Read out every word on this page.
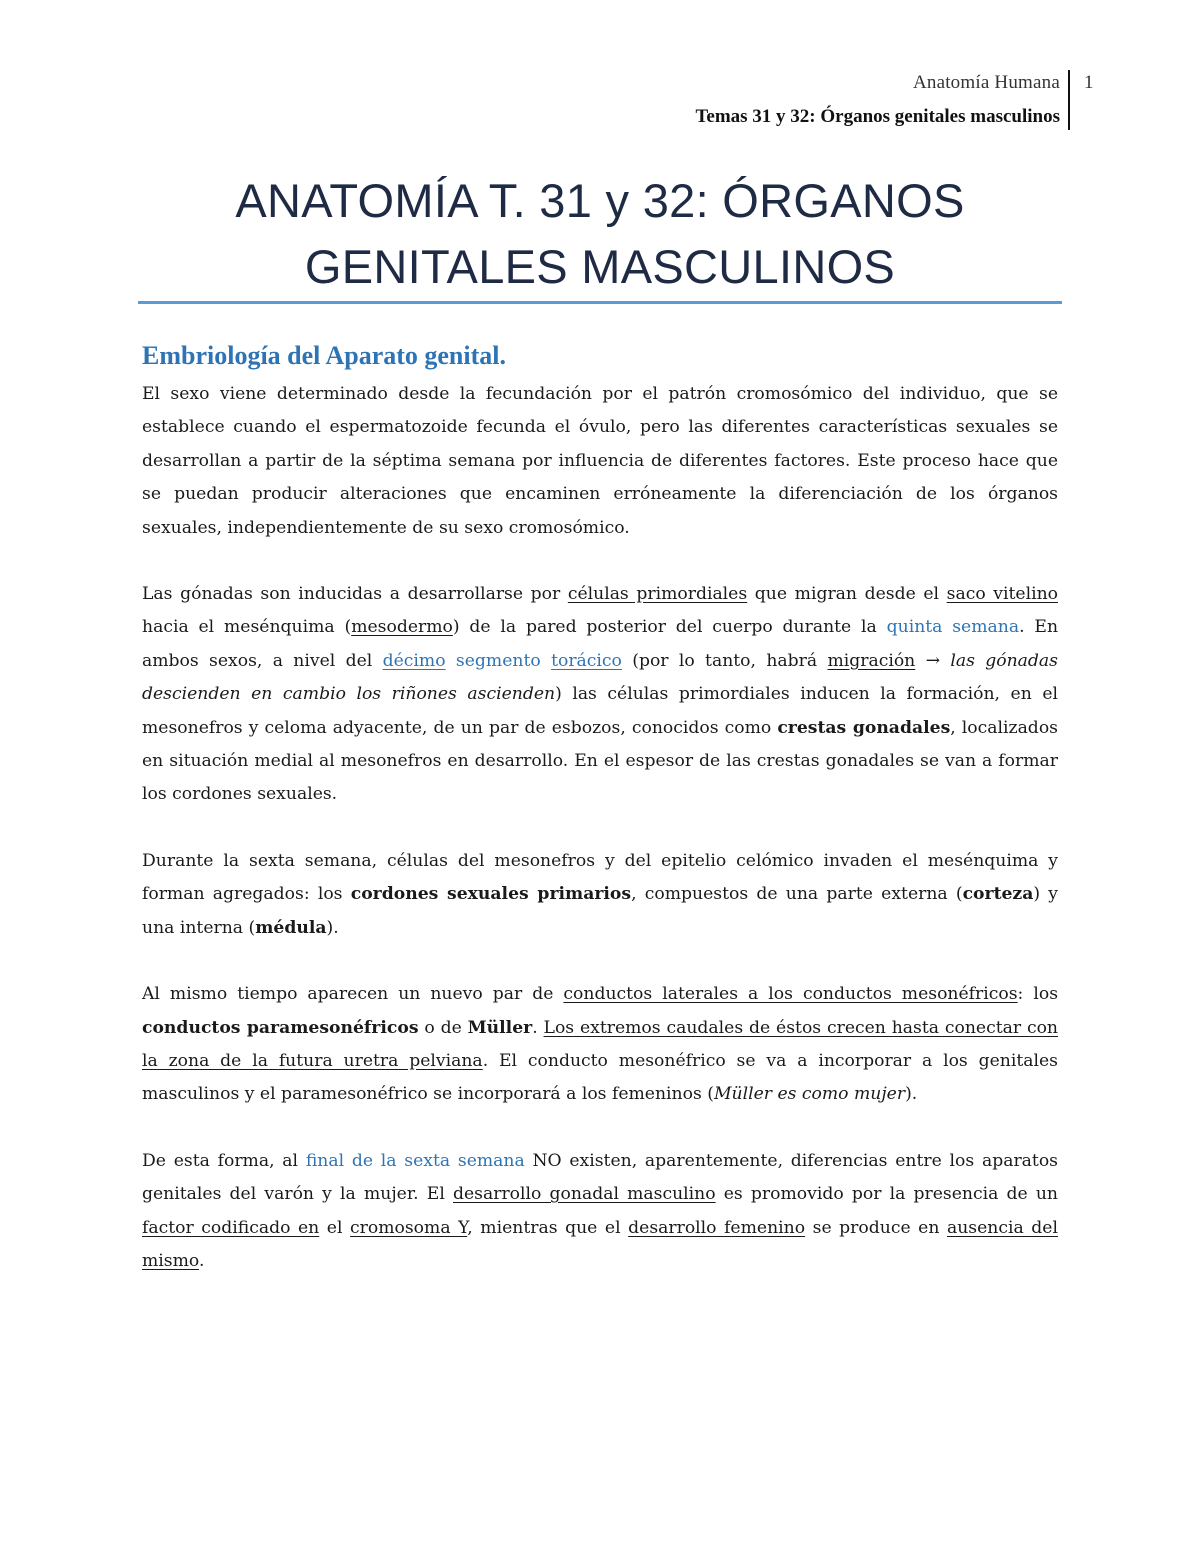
Anatomía Humana
Temas 31 y 32: Órganos genitales masculinos
1
ANATOMÍA T. 31 y 32: ÓRGANOS
GENITALES MASCULINOS
Embriología del Aparato genital.

El sexo viene determinado desde la fecundación por el patrón cromosómico del individuo, que se establece cuando el espermatozoide fecunda el óvulo, pero las diferentes características sexuales se desarrollan a partir de la séptima semana por influencia de diferentes factores. Este proceso hace que se puedan producir alteraciones que encaminen erróneamente la diferenciación de los órganos sexuales, independientemente de su sexo cromosómico.

Las gónadas son inducidas a desarrollarse por células primordiales que migran desde el saco vitelino hacia el mesénquima (mesodermo) de la pared posterior del cuerpo durante la quinta semana. En ambos sexos, a nivel del décimo segmento torácico (por lo tanto, habrá migración → las gónadas descienden en cambio los riñones ascienden) las células primordiales inducen la formación, en el mesonefros y celoma adyacente, de un par de esbozos, conocidos como crestas gonadales, localizados en situación medial al mesonefros en desarrollo. En el espesor de las crestas gonadales se van a formar los cordones sexuales.

Durante la sexta semana, células del mesonefros y del epitelio celómico invaden el mesénquima y forman agregados: los cordones sexuales primarios, compuestos de una parte externa (corteza) y una interna (médula).

Al mismo tiempo aparecen un nuevo par de conductos laterales a los conductos mesonéfricos: los conductos paramesonéfricos o de Müller. Los extremos caudales de éstos crecen hasta conectar con la zona de la futura uretra pelviana. El conducto mesonéfrico se va a incorporar a los genitales masculinos y el paramesonéfrico se incorporará a los femeninos (Müller es como mujer).

De esta forma, al final de la sexta semana NO existen, aparentemente, diferencias entre los aparatos genitales del varón y la mujer. El desarrollo gonadal masculino es promovido por la presencia de un factor codificado en el cromosoma Y, mientras que el desarrollo femenino se produce en ausencia del mismo.
